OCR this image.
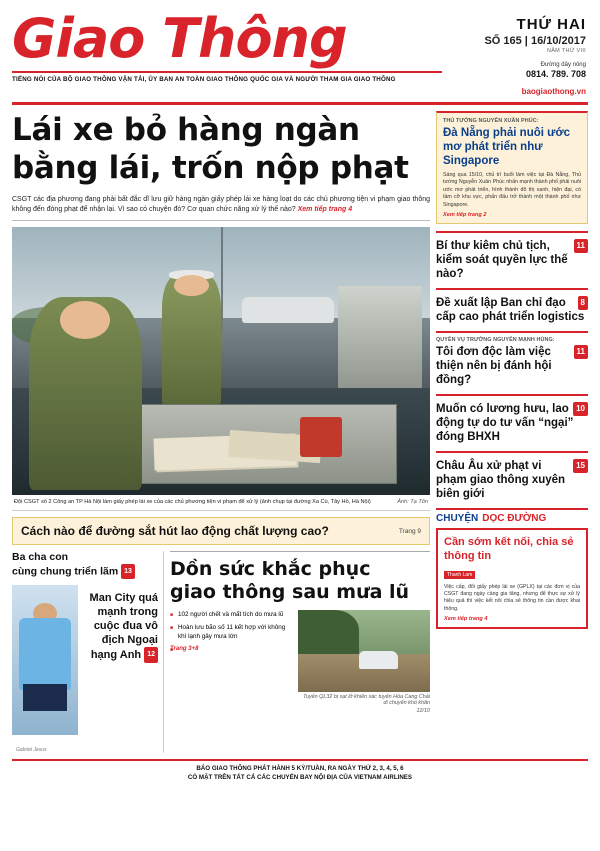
Giao Thông
TIẾNG NÓI CỦA BỘ GIAO THÔNG VẬN TẢI, ỦY BAN AN TOÀN GIAO THÔNG QUỐC GIA VÀ NGƯỜI THAM GIA GIAO THÔNG
THỨ HAI
SỐ 165 | 16/10/2017
NĂM THỨ VIII
Đường dây nóng
0814. 789. 708
baogiaothong.vn
Lái xe bỏ hàng ngàn
bằng lái, trốn nộp phạt
CSGT các địa phương đang phải bất đắc dĩ lưu giữ hàng ngàn giấy phép lái xe hàng loạt do các chủ phương tiện vi phạm giao thông không đến đóng phạt để nhận lại. Vì sao có chuyện đó? Cơ quan chức năng xử lý thế nào? Xem tiếp trang 4
Đội CSGT số 2 Công an TP Hà Nội làm giấy phép lái xe của các chủ phương tiện vi phạm để xử lý (ảnh chụp tại đường Xa Cù, Tây Hồ, Hà Nội)	Ảnh: Tạ Tôn
Cách nào để đường sắt hút lao động chất lượng cao?	Trang 9
Ba cha con
cùng chung triển lãm 13
Man City quá mạnh trong cuộc đua vô địch Ngoại hạng Anh 12
Gabriel Jesus
Dồn sức khắc phục
giao thông sau mưa lũ
■ 102 người chết và mất tích do mưa lũ
■ Hoàn lưu bão số 11 kết hợp với không khí lạnh gây mưa lớn
■ Trang 3+8
Tuyến QL32 bị sạt lở khiến xác tuyến Hỏa Cang Chải di chuyển khó khăn
12/10
THỦ TƯỚNG NGUYỄN XUÂN PHÚC:
Đà Nẵng phải nuôi ước mơ phát triển như Singapore
Sáng qua 15/10, chủ trì buổi làm việc tại Đà Nẵng, Thủ tướng Nguyễn Xuân Phúc nhấn mạnh thành phố phải nuôi ước mơ phát triển, hình thành đô thị xanh, hiện đại, có tầm cỡ khu vực, phấn đấu trở thành một thành phố như Singapore.
Xem tiếp trang 2
11
Bí thư kiêm chủ tịch, kiểm soát quyền lực thế nào?
8
Đề xuất lập Ban chỉ đạo cấp cao phát triển logistics
QUYỀN VỤ TRƯỞNG NGUYỄN MẠNH HÙNG:
11
Tôi đơn độc làm việc thiện nên bị đánh hội đồng?
10
Muốn có lương hưu, lao động tự do tư vấn “ngại” đóng BHXH
15
Châu Âu xử phạt vi phạm giao thông xuyên biên giới
CHUYỆN DỌC ĐƯỜNG
Cần sớm kết nối, chia sẻ thông tin
Thanh Lam

Việc cấp, đổi giấy phép lái xe (GPLX) tại các đơn vị của CSGT đang ngày càng gia tăng, nhưng để thực sự xử lý hiệu quả thì việc kết nối chia sẻ thông tin cần được khai thông.

Xem tiếp trang 4
BÁO GIAO THÔNG PHÁT HÀNH 5 KỲ/TUẦN, RA NGÀY THỨ 2, 3, 4, 5, 6
CÓ MẶT TRÊN TẤT CẢ CÁC CHUYẾN BAY NỘI ĐỊA CỦA VIETNAM AIRLINES
